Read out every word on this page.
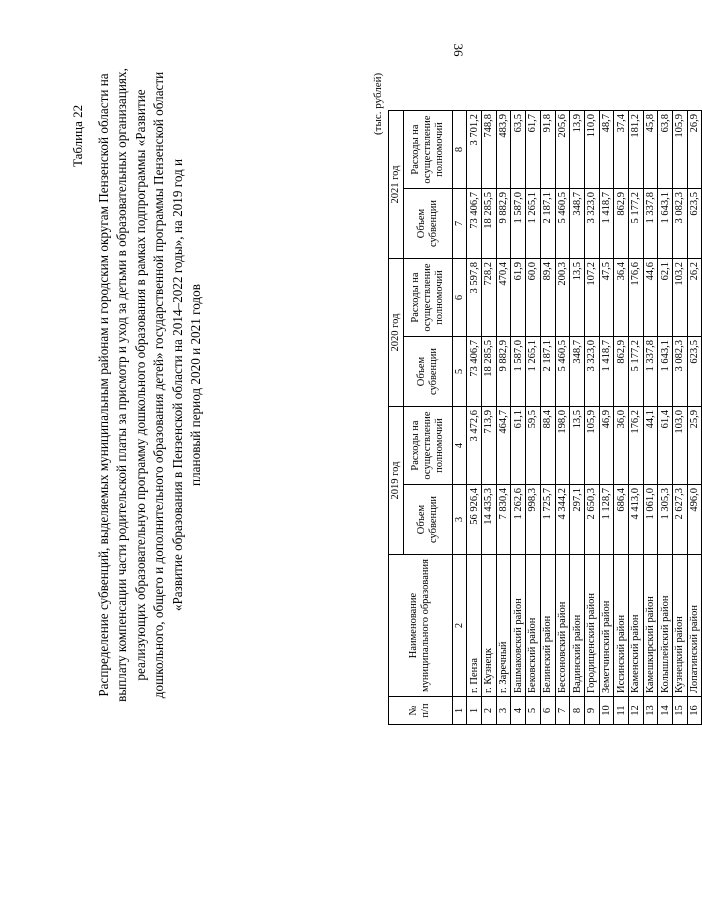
36
Таблица 22 Распределение субвенций, выделяемых муниципальным районам и городским округам Пензенской области на выплату компенсации части родительской платы за присмотр и уход за детьми в образовательных организациях, реализующих образовательную программу дошкольного образования в рамках подпрограммы «Развитие дошкольного, общего и дополнительного образования детей» государственной программы Пензенской области «Развитие образования в Пензенской области на 2014–2022 годы», на 2019 год и плановый период 2020 и 2021 годов
(тыс. рублей)
№ п/п	Наименование муниципального образования	2019 год		2020 год		2021 год	
		Объем субвенции	Расходы на осуществление полномочий	Объем субвенции	Расходы на осуществление полномочий	Объем субвенции	Расходы на осуществление полномочий
1	2	3	4	5	6	7	8
1	г. Пенза	56 926,4	3 472,6	73 406,7	3 597,8	73 406,7	3 701,2
2	г. Кузнецк	14 435,3	713,9	18 285,5	728,2	18 285,5	748,8
3	г. Заречный	7 830,4	464,7	9 882,9	470,4	9 882,9	483,9
4	Башмаковский район	1 262,6	61,1	1 587,0	61,9	1 587,0	63,5
5	Бековский район	998,3	59,5	1 265,1	60,0	1 265,1	61,7
6	Белинский район	1 725,7	88,4	2 187,1	89,4	2 187,1	91,8
7	Бессоновский район	4 344,2	198,0	5 460,5	200,3	5 460,5	205,6
8	Вадинский район	297,1	13,5	348,7	13,5	348,7	13,9
9	Городищенский район	2 650,3	105,9	3 323,0	107,2	3 323,0	110,0
10	Земетчинский район	1 128,7	46,9	1 418,7	47,5	1 418,7	48,7
11	Иссинский район	686,4	36,0	862,9	36,4	862,9	37,4
12	Каменский район	4 413,0	176,2	5 177,2	176,6	5 177,2	181,2
13	Камешкирский район	1 061,0	44,1	1 337,8	44,6	1 337,8	45,8
14	Колышлейский район	1 305,3	61,4	1 643,1	62,1	1 643,1	63,8
15	Кузнецкий район	2 627,3	103,0	3 082,3	103,2	3 082,3	105,9
16	Лопатинский район	496,0	25,9	623,5	26,2	623,5	26,9
